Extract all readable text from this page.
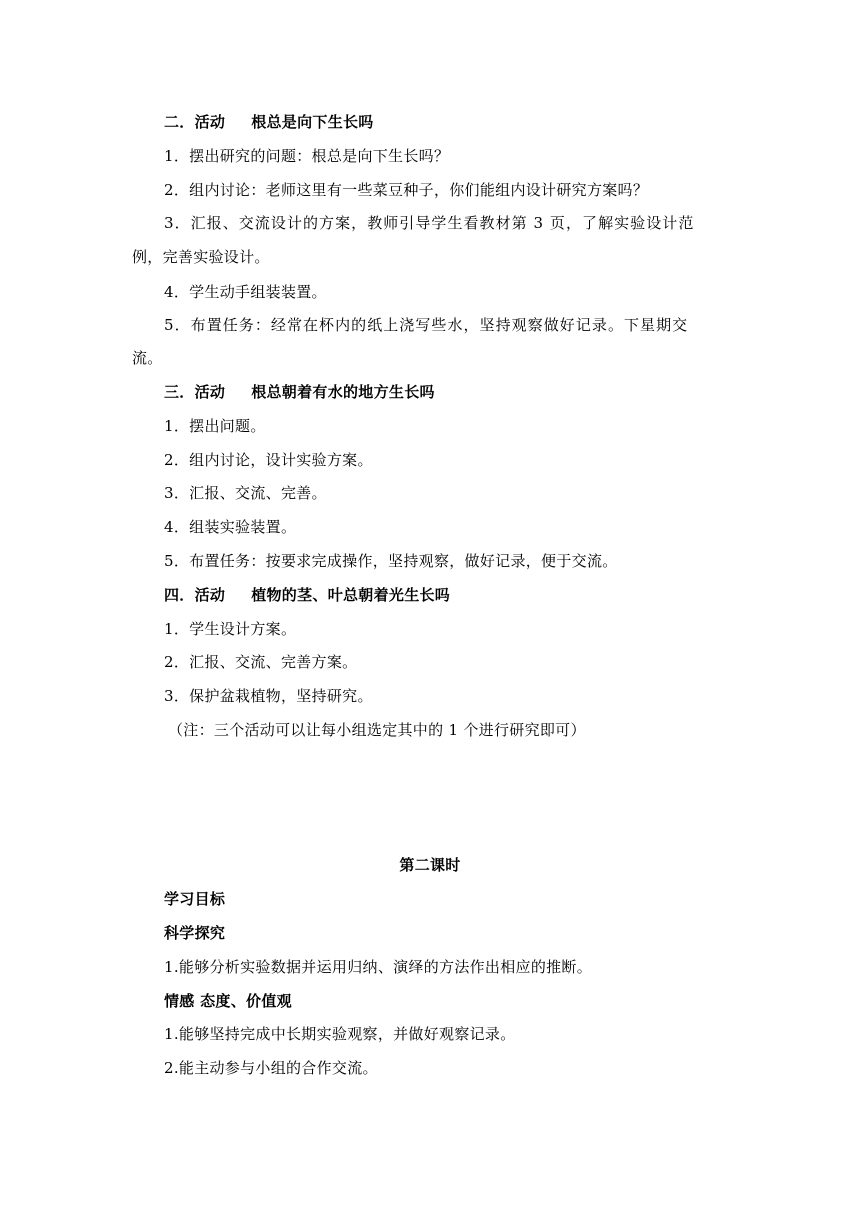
二．活动 根总是向下生长吗
1．摆出研究的问题：根总是向下生长吗？
2．组内讨论：老师这里有一些菜豆种子，你们能组内设计研究方案吗？
3．汇报、交流设计的方案，教师引导学生看教材第 3 页，了解实验设计范
例，完善实验设计。
4．学生动手组装装置。
5．布置任务：经常在杯内的纸上浇写些水，坚持观察做好记录。下星期交
流。
三．活动 根总朝着有水的地方生长吗
1．摆出问题。
2．组内讨论，设计实验方案。
3．汇报、交流、完善。
4．组装实验装置。
5．布置任务：按要求完成操作，坚持观察，做好记录，便于交流。
四．活动 植物的茎、叶总朝着光生长吗
1．学生设计方案。
2．汇报、交流、完善方案。
3．保护盆栽植物，坚持研究。
（注：三个活动可以让每小组选定其中的 1 个进行研究即可）
第二课时
学习目标
科学探究
1.能够分析实验数据并运用归纳、演绎的方法作出相应的推断。
情感 态度、价值观
1.能够坚持完成中长期实验观察，并做好观察记录。
2.能主动参与小组的合作交流。
